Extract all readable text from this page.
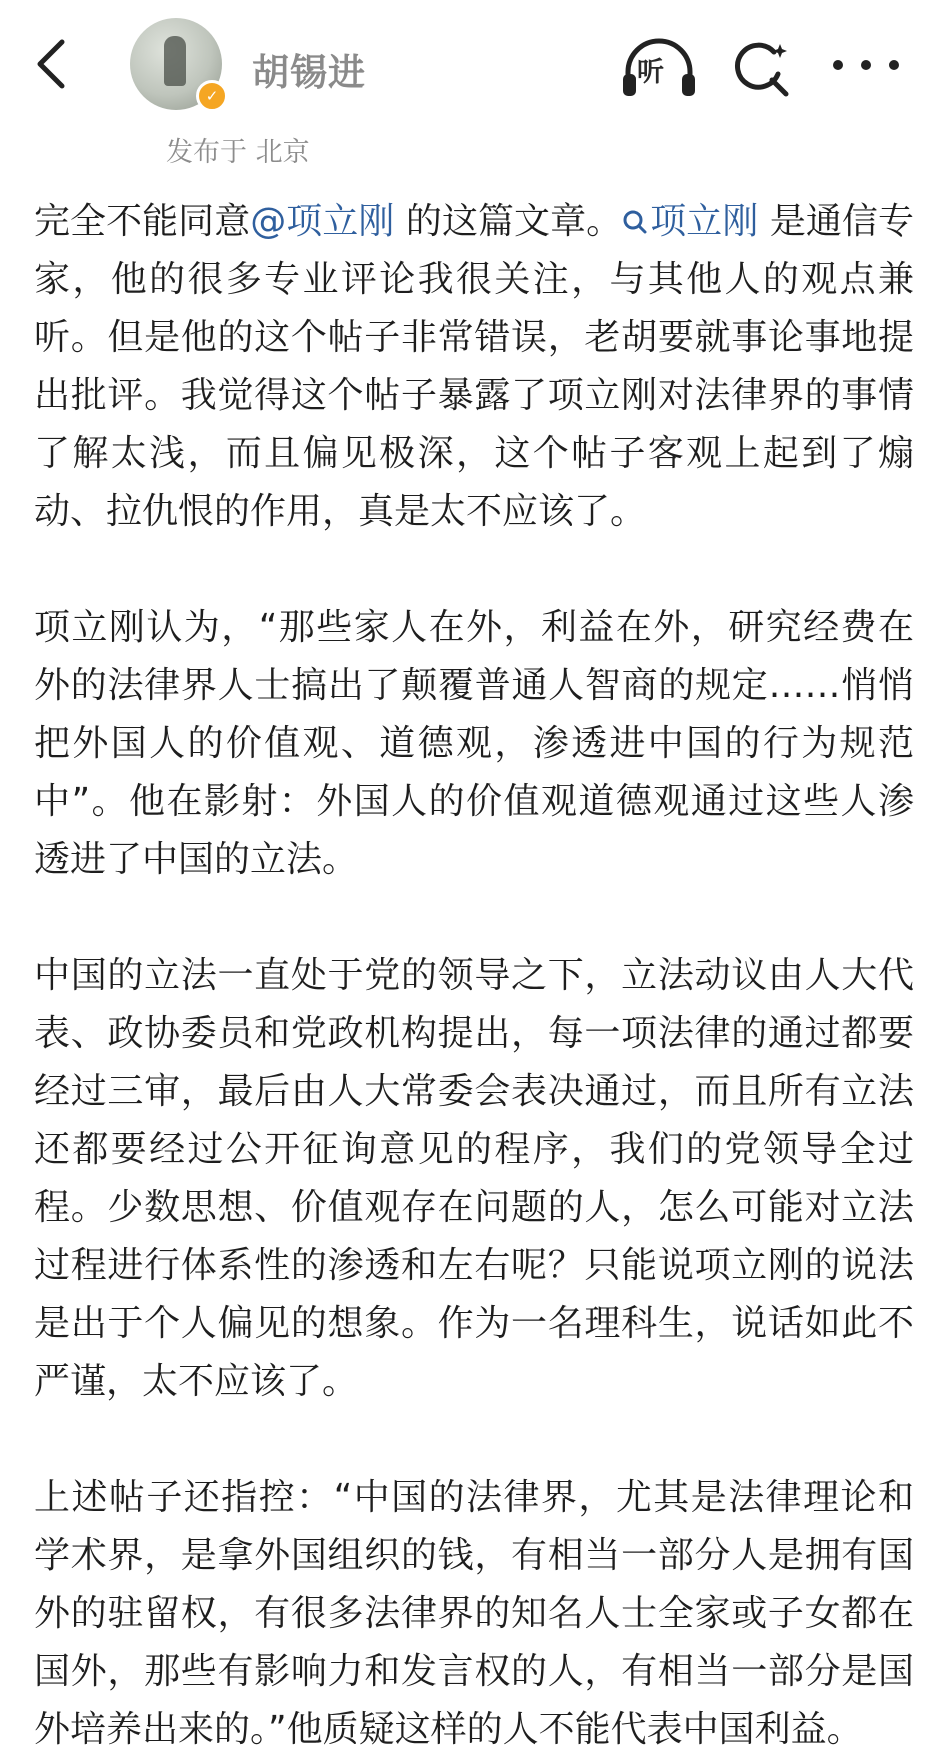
✓
胡锡进	听
发布于 北京

完全不能同意@项立刚 的这篇文章。 项立刚 是通信专家，他的很多专业评论我很关注，与其他人的观点兼听。但是他的这个帖子非常错误，老胡要就事论事地提出批评。我觉得这个帖子暴露了项立刚对法律界的事情了解太浅，而且偏见极深，这个帖子客观上起到了煽动、拉仇恨的作用，真是太不应该了。

项立刚认为，“那些家人在外，利益在外，研究经费在外的法律界人士搞出了颠覆普通人智商的规定……悄悄把外国人的价值观、道德观，渗透进中国的行为规范中”。他在影射：外国人的价值观道德观通过这些人渗透进了中国的立法。

中国的立法一直处于党的领导之下，立法动议由人大代表、政协委员和党政机构提出，每一项法律的通过都要经过三审，最后由人大常委会表决通过，而且所有立法还都要经过公开征询意见的程序，我们的党领导全过程。少数思想、价值观存在问题的人，怎么可能对立法过程进行体系性的渗透和左右呢？只能说项立刚的说法是出于个人偏见的想象。作为一名理科生，说话如此不严谨，太不应该了。

上述帖子还指控：“中国的法律界，尤其是法律理论和学术界，是拿外国组织的钱，有相当一部分人是拥有国外的驻留权，有很多法律界的知名人士全家或子女都在国外，那些有影响力和发言权的人，有相当一部分是国外培养出来的。”他质疑这样的人不能代表中国利益。
